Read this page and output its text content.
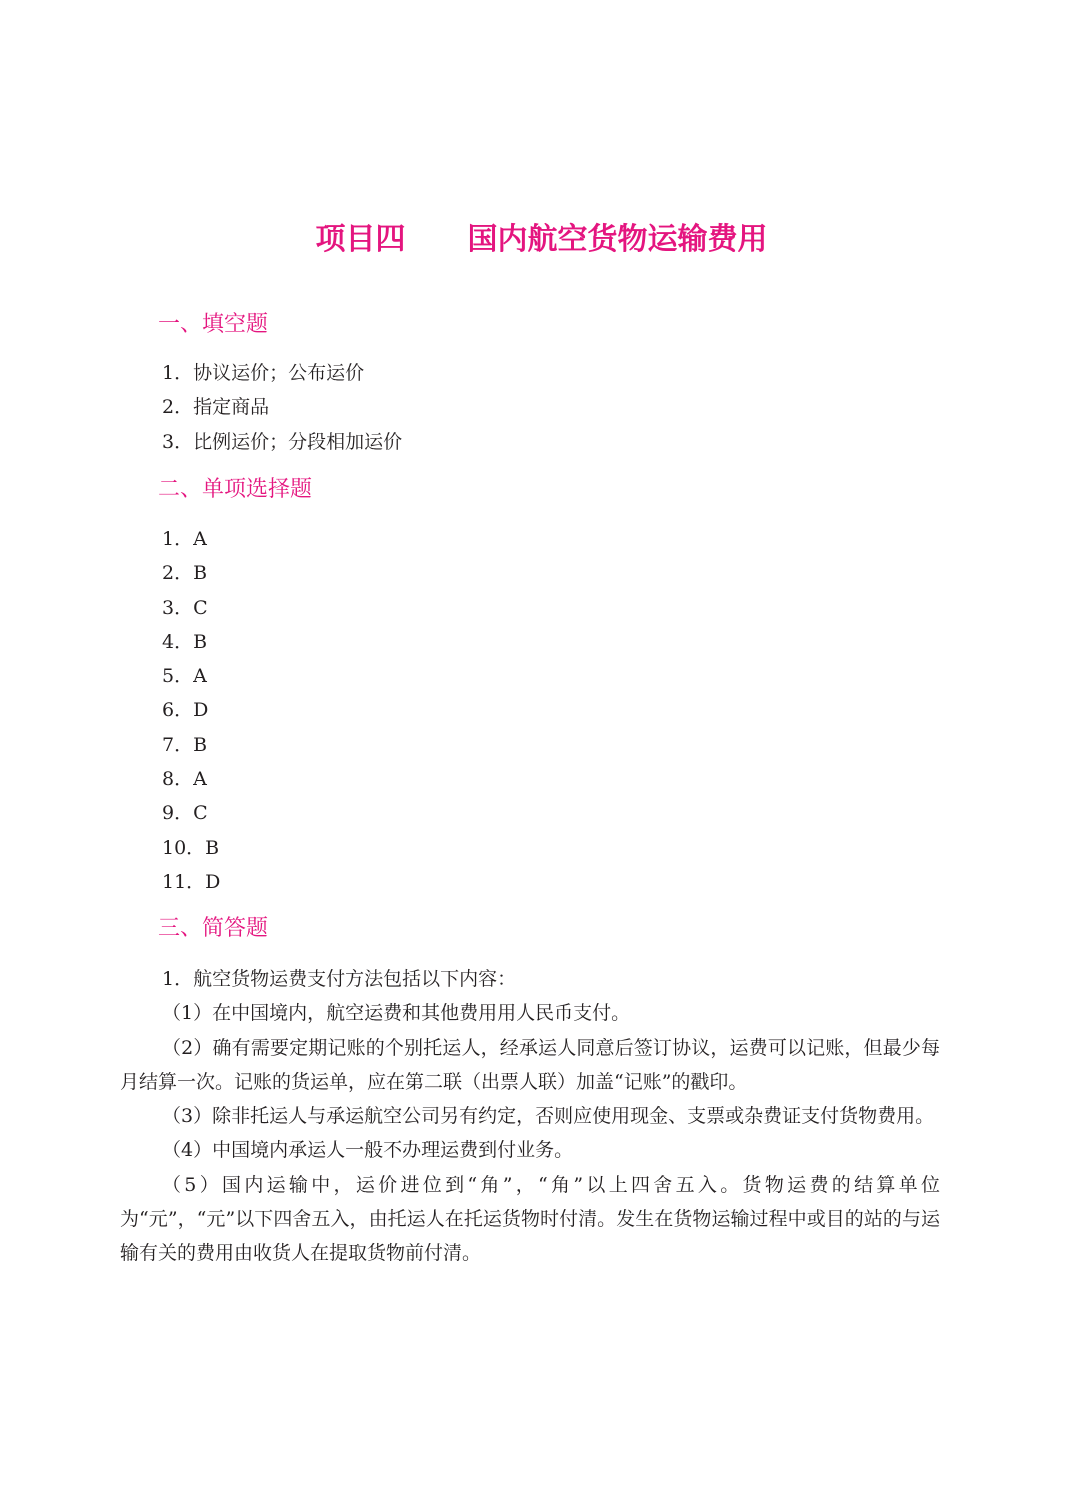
项目四 国内航空货物运输费用
一、填空题
1．协议运价；公布运价
2．指定商品
3．比例运价；分段相加运价
二、单项选择题
1．A
2．B
3．C
4．B
5．A
6．D
7．B
8．A
9．C
10．B
11．D
三、简答题

1．航空货物运费支付方法包括以下内容：

（1）在中国境内，航空运费和其他费用用人民币支付。

（2）确有需要定期记账的个别托运人，经承运人同意后签订协议，运费可以记账，但最少每月结算一次。记账的货运单，应在第二联（出票人联）加盖“记账”的戳印。

（3）除非托运人与承运航空公司另有约定，否则应使用现金、支票或杂费证支付货物费用。

（4）中国境内承运人一般不办理运费到付业务。

（5）国内运输中，运价进位到“角”，“角”以上四舍五入。货物运费的结算单位为“元”，“元”以下四舍五入，由托运人在托运货物时付清。发生在货物运输过程中或目的站的与运输有关的费用由收货人在提取货物前付清。
